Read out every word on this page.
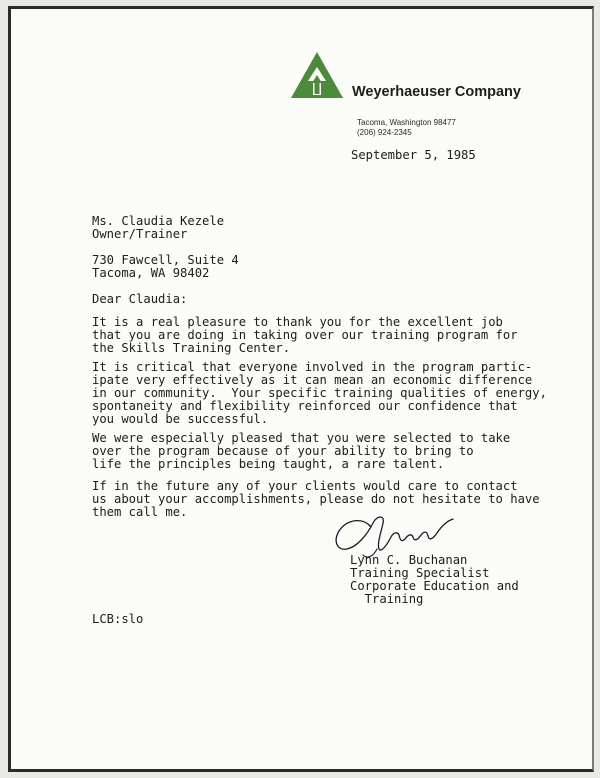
Weyerhaeuser Company
Tacoma, Washington 98477
(206) 924-2345
September 5, 1985
Ms. Claudia Kezele
Owner/Trainer
730 Fawcell, Suite 4
Tacoma, WA 98402
Dear Claudia:
It is a real pleasure to thank you for the excellent job
that you are doing in taking over our training program for
the Skills Training Center.
It is critical that everyone involved in the program partic-
ipate very effectively as it can mean an economic difference
in our community.  Your specific training qualities of energy,
spontaneity and flexibility reinforced our confidence that
you would be successful.
We were especially pleased that you were selected to take
over the program because of your ability to bring to
life the principles being taught, a rare talent.
If in the future any of your clients would care to contact
us about your accomplishments, please do not hesitate to have
them call me.
Lynn C. Buchanan
Training Specialist
Corporate Education and
Training
LCB:slo
